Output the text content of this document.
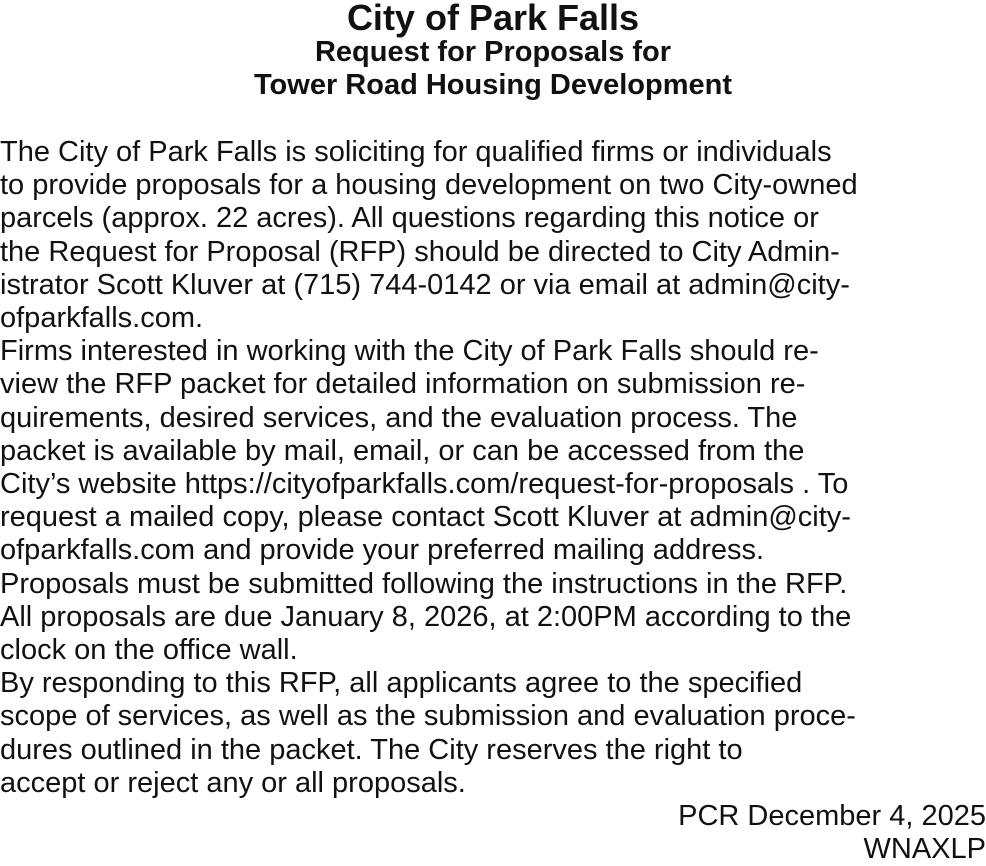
City of Park Falls
Request for Proposals for
Tower Road Housing Development
The City of Park Falls is soliciting for qualified firms or individuals
to provide proposals for a housing development on two City-owned
parcels (approx. 22 acres). All questions regarding this notice or
the Request for Proposal (RFP) should be directed to City Admin-
istrator Scott Kluver at (715) 744-0142 or via email at admin@city-
ofparkfalls.com.
Firms interested in working with the City of Park Falls should re-
view the RFP packet for detailed information on submission re-
quirements, desired services, and the evaluation process. The
packet is available by mail, email, or can be accessed from the
City’s website https://cityofparkfalls.com/request-for-proposals . To
request a mailed copy, please contact Scott Kluver at admin@city-
ofparkfalls.com and provide your preferred mailing address.
Proposals must be submitted following the instructions in the RFP.
All proposals are due January 8, 2026, at 2:00PM according to the
clock on the office wall.
By responding to this RFP, all applicants agree to the specified
scope of services, as well as the submission and evaluation proce-
dures outlined in the packet. The City reserves the right to
accept or reject any or all proposals.
PCR December 4, 2025
WNAXLP
